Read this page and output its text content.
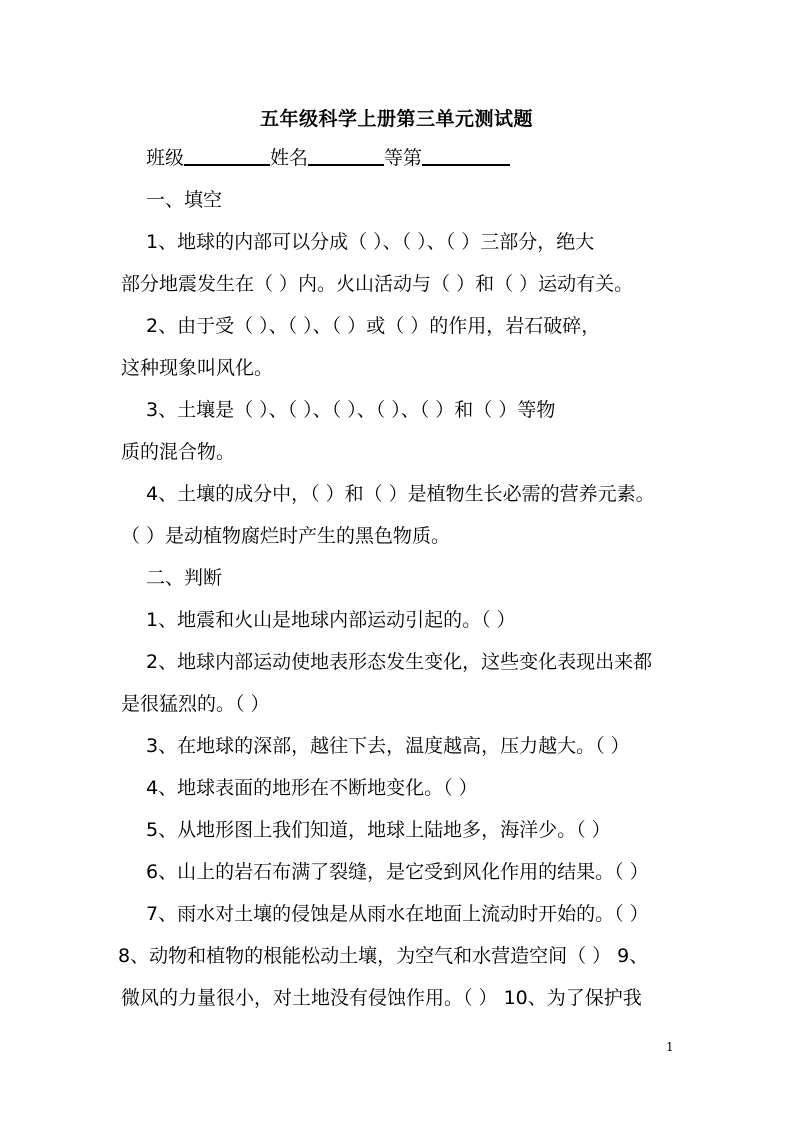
五年级科学上册第三单元测试题
班级	姓名	等第
一、填空
1、地球的内部可以分成（ ）、（ ）、（ ）三部分，绝大
部分地震发生在（ ）内。火山活动与（ ）和（ ）运动有关。
2、由于受（ ）、（ ）、（ ）或（ ）的作用，岩石破碎，
这种现象叫风化。
3、土壤是（ ）、（ ）、（ ）、（ ）、（ ）和（ ）等物
质的混合物。
4、土壤的成分中，（ ）和（ ）是植物生长必需的营养元素。
（ ）是动植物腐烂时产生的黑色物质。
二、判断
1、地震和火山是地球内部运动引起的。（ ）
2、地球内部运动使地表形态发生变化，这些变化表现出来都
是很猛烈的。（ ）
3、在地球的深部，越往下去，温度越高，压力越大。（ ）
4、地球表面的地形在不断地变化。（ ）
5、从地形图上我们知道，地球上陆地多，海洋少。（ ）
6、山上的岩石布满了裂缝，是它受到风化作用的结果。（ ）
7、雨水对土壤的侵蚀是从雨水在地面上流动时开始的。（ ）
8、动物和植物的根能松动土壤，为空气和水营造空间（ ） 9、
微风的力量很小，对土地没有侵蚀作用。（ ） 10、为了保护我
1
